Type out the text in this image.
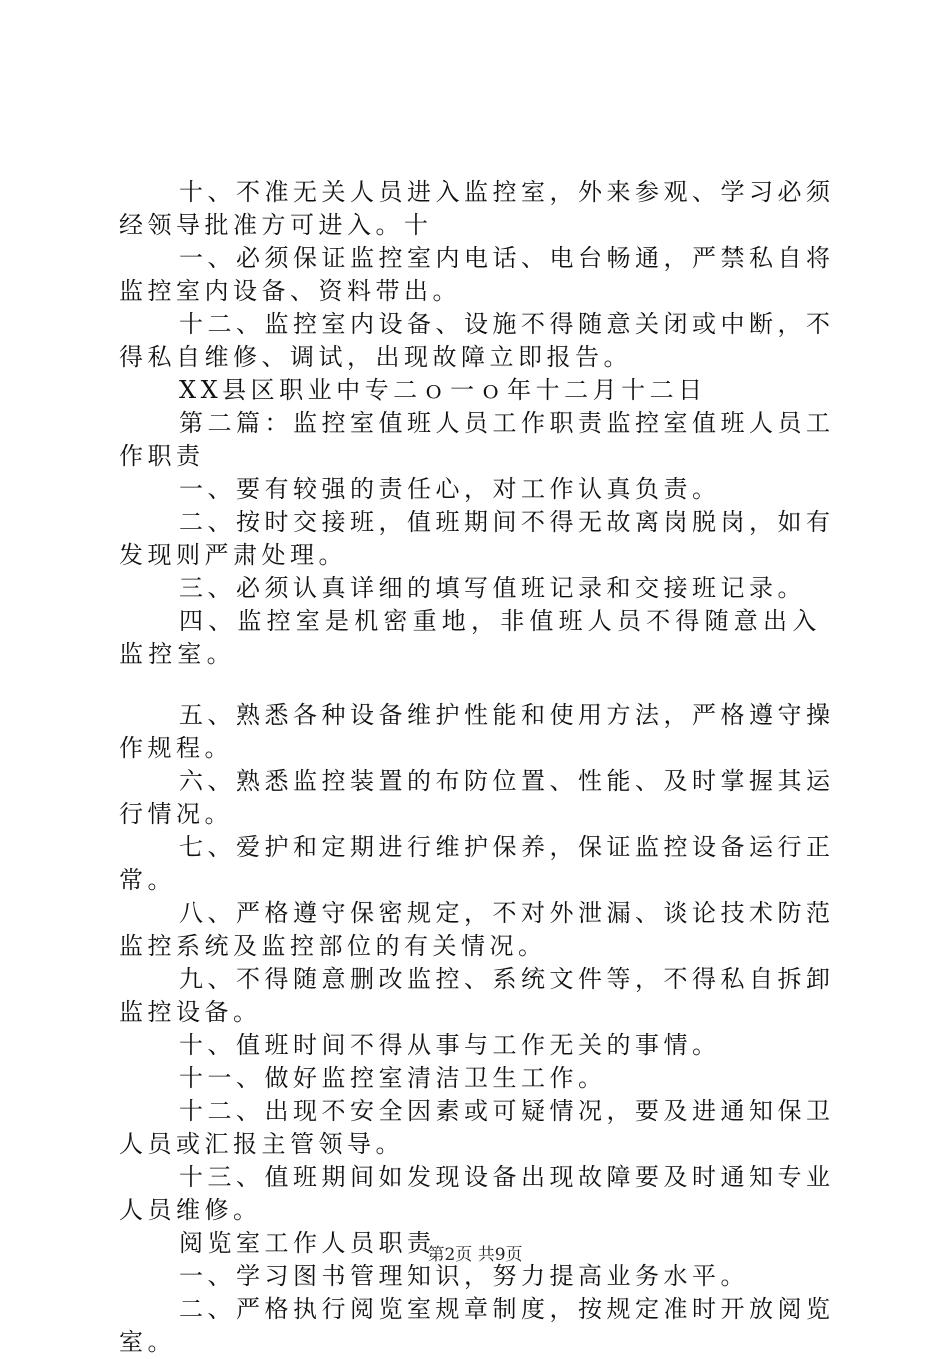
十、不准无关人员进入监控室，外来参观、学习必须经领导批准方可进入。十

一、必须保证监控室内电话、电台畅通，严禁私自将监控室内设备、资料带出。

十二、监控室内设备、设施不得随意关闭或中断，不得私自维修、调试，出现故障立即报告。

XX县区职业中专二ｏ一ｏ年十二月十二日

第二篇：监控室值班人员工作职责监控室值班人员工作职责

一、要有较强的责任心，对工作认真负责。

二、按时交接班，值班期间不得无故离岗脱岗，如有发现则严肃处理。

三、必须认真详细的填写值班记录和交接班记录。

四、监控室是机密重地，非值班人员不得随意出入监控室。

五、熟悉各种设备维护性能和使用方法，严格遵守操作规程。

六、熟悉监控装置的布防位置、性能、及时掌握其运行情况。

七、爱护和定期进行维护保养，保证监控设备运行正常。

八、严格遵守保密规定，不对外泄漏、谈论技术防范监控系统及监控部位的有关情况。

九、不得随意删改监控、系统文件等，不得私自拆卸监控设备。

十、值班时间不得从事与工作无关的事情。

十一、做好监控室清洁卫生工作。

十二、出现不安全因素或可疑情况，要及进通知保卫人员或汇报主管领导。

十三、值班期间如发现设备出现故障要及时通知专业人员维修。

阅览室工作人员职责

一、学习图书管理知识，努力提高业务水平。

二、严格执行阅览室规章制度，按规定准时开放阅览室。

第2页 共9页
